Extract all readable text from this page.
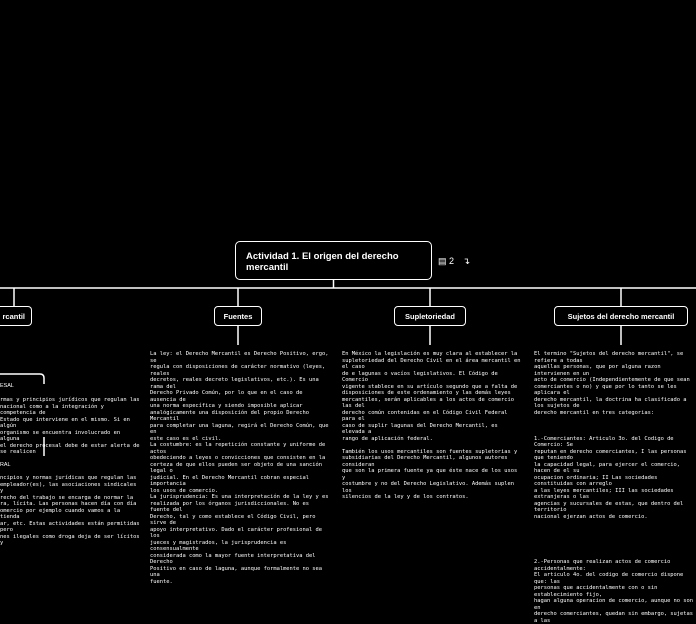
Actividad 1. El origen del derecho mercantil
▤ 2 ↴
rcantil	Fuentes	Supletoriedad	Sujetos del derecho mercantil
La ley: el Derecho Mercantil es Derecho Positivo, ergo, se
regula con disposiciones de carácter normativo (leyes, reales
decretos, reales decreto legislativos, etc.). Es una rama del
Derecho Privado Común, por lo que en el caso de ausencia de
una norma específica y siendo imposible aplicar
analógicamente una disposición del propio Derecho Mercantil
para completar una laguna, regirá el Derecho Común, que en
este caso es el civil.
La costumbre: es la repetición constante y uniforme de actos
obedeciendo a leyes o convicciones que consisten en la
certeza de que ellos pueden ser objeto de una sanción legal o
judicial. En el Derecho Mercantil cobran especial importancia
los usos de comercio.
La jurisprudencia: Es una interpretación de la ley y es
realizada por los órganos jurisdiccionales. No es fuente del
Derecho, tal y como establece el Código Civil, pero sirve de
apoyo interpretativo. Dado el carácter profesional de los
jueces y magistrados, la jurisprudencia es consensualmente
considerada como la mayor fuente interpretativa del Derecho
Positivo en caso de laguna, aunque formalmente no sea una
fuente.
En México la legislación es muy clara al establecer la
supletoriedad del Derecho Civil en el área mercantil en el caso
de e lagunas o vacíos legislativos. El Código de Comercio
vigente stablece en su artículo segundo que a falta de
disposiciones de este ordenamiento y las demás leyes
mercantiles, serán aplicables a los actos de comercio las del
derecho común contenidas en el Código Civil Federal para el
caso de suplir lagunas del Derecho Mercantil, es elevada a
rango de aplicación federal.

También los usos mercantiles son fuentes supletorias y
subsidiarias del Derecho Mercantil, algunos autores consideran
que son la primera fuente ya que éste nace de los usos y
costumbre y no del Derecho Legislativo. Además suplen los
silencios de la ley y de los contratos.
El termino "Sujetos del derecho mercantil", se refiere a todas
aquellas personas, que por alguna razon intervienen en un
acto de comercio (Independientemente de que sean
comerciantes o no) y que por lo tanto se les aplicara el
derecho mercantil, la doctrina ha clasificado a los sujetos de
derecho mercantil en tres categorias:

1.-Comerciantes: Articulo 3o. del Codigo de Comercio: Se
reputan en derecho comerciantes, I las personas que teniendo
la capacidad legal, para ejercer el comercio, hacen de el su
ocupacion ordinaria; II Las sociedades constituidas con arreglo
a las leyes mercantiles; III las sociedades extranjeras o las
agencias y sucursales de estas, que dentro del territorio
nacional ejerzan actos de comercio.

2.-Personas que realizan actos de comercio accidentalmente:
El articulo 4o. del codigo de comercio dispone que: las
personas que accidentalmente con o sin establecimiento fijo,
hagan alguna operacion de comercio, aunque no son en
derecho comerciantes, quedan sin embargo, sujetas a las
ESAL
rmas y principios jurídicos que regulan las
nacional como a la integración y competencia de
Estado que interviene en el mismo. Si en algún
organismo se encuentra involucrado en alguna
el derecho procesal debe de estar alerta de
se realicen
RAL
ncipios y normas jurídicas que regulan las
empleador(es), las asociaciones sindicales y
recho del trabajo se encarga de normar la
ra, lícita. Las personas hacen día con día
omercio por ejemplo cuando vamos a la tienda
ar, etc. Estas actividades están permitidas pero
nes ilegales como droga deja de ser lícitos y
